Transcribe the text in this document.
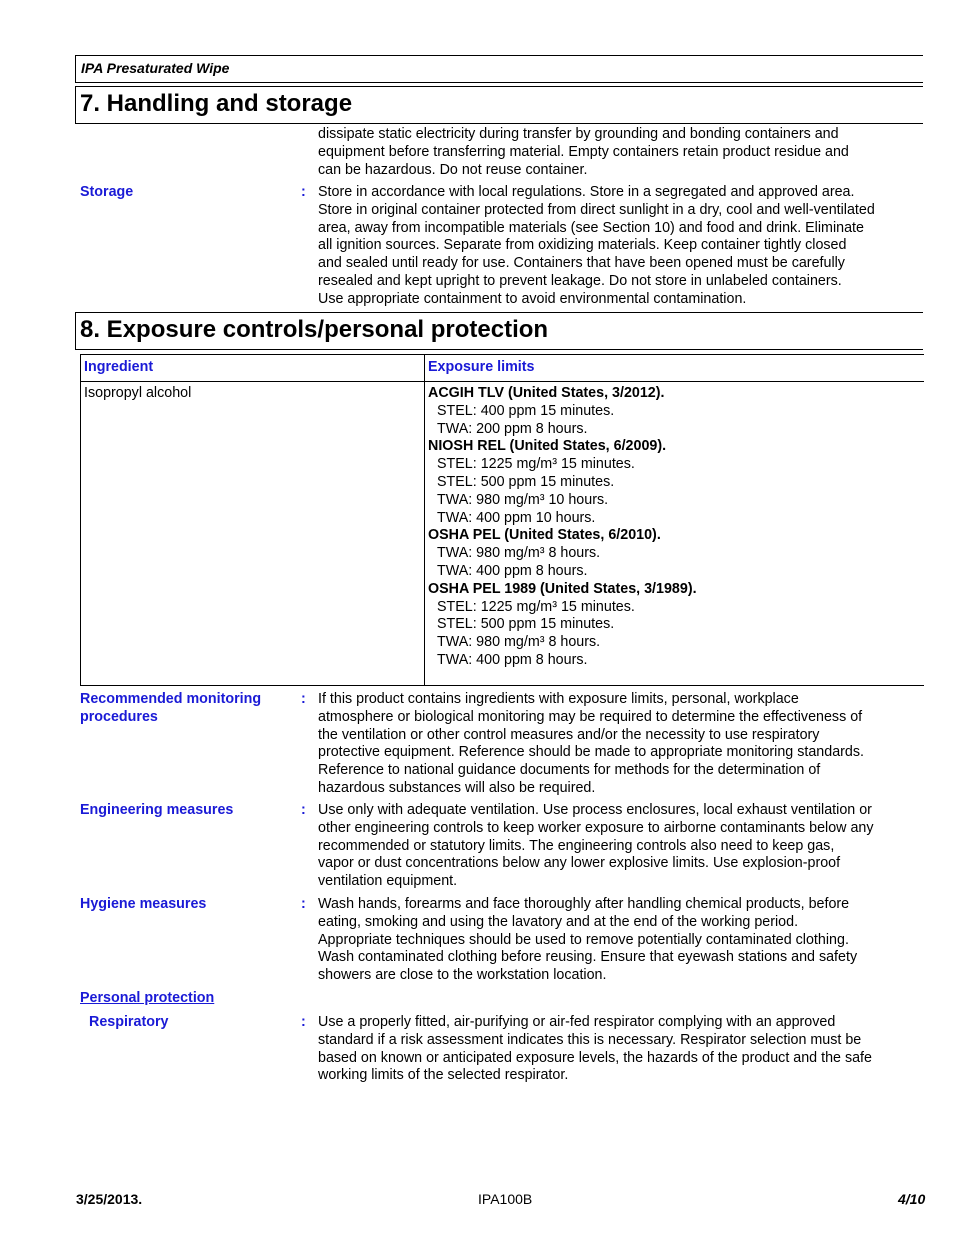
IPA Presaturated Wipe
7. Handling and storage
dissipate static electricity during transfer by grounding and bonding containers and
equipment before transferring material. Empty containers retain product residue and
can be hazardous. Do not reuse container.
Storage	: Store in accordance with local regulations. Store in a segregated and approved area.
Store in original container protected from direct sunlight in a dry, cool and well-ventilated
area, away from incompatible materials (see Section 10) and food and drink. Eliminate
all ignition sources. Separate from oxidizing materials. Keep container tightly closed
and sealed until ready for use. Containers that have been opened must be carefully
resealed and kept upright to prevent leakage. Do not store in unlabeled containers.
Use appropriate containment to avoid environmental contamination.
8. Exposure controls/personal protection
Ingredient	Exposure limits
Isopropyl alcohol	ACGIH TLV (United States, 3/2012).
STEL: 400 ppm 15 minutes.
TWA: 200 ppm 8 hours.
NIOSH REL (United States, 6/2009).
STEL: 1225 mg/m³ 15 minutes.
STEL: 500 ppm 15 minutes.
TWA: 980 mg/m³ 10 hours.
TWA: 400 ppm 10 hours.
OSHA PEL (United States, 6/2010).
TWA: 980 mg/m³ 8 hours.
TWA: 400 ppm 8 hours.
OSHA PEL 1989 (United States, 3/1989).
STEL: 1225 mg/m³ 15 minutes.
STEL: 500 ppm 15 minutes.
TWA: 980 mg/m³ 8 hours.
TWA: 400 ppm 8 hours.
Recommended monitoring
procedures
: If this product contains ingredients with exposure limits, personal, workplace
atmosphere or biological monitoring may be required to determine the effectiveness of
the ventilation or other control measures and/or the necessity to use respiratory
protective equipment. Reference should be made to appropriate monitoring standards.
Reference to national guidance documents for methods for the determination of
hazardous substances will also be required.
Engineering measures	: Use only with adequate ventilation. Use process enclosures, local exhaust ventilation or
other engineering controls to keep worker exposure to airborne contaminants below any
recommended or statutory limits. The engineering controls also need to keep gas,
vapor or dust concentrations below any lower explosive limits. Use explosion-proof
ventilation equipment.
Hygiene measures	: Wash hands, forearms and face thoroughly after handling chemical products, before
eating, smoking and using the lavatory and at the end of the working period.
Appropriate techniques should be used to remove potentially contaminated clothing.
Wash contaminated clothing before reusing. Ensure that eyewash stations and safety
showers are close to the workstation location.
Personal protection
Respiratory	: Use a properly fitted, air-purifying or air-fed respirator complying with an approved
standard if a risk assessment indicates this is necessary. Respirator selection must be
based on known or anticipated exposure levels, the hazards of the product and the safe
working limits of the selected respirator.
3/25/2013.	IPA100B	4/10
